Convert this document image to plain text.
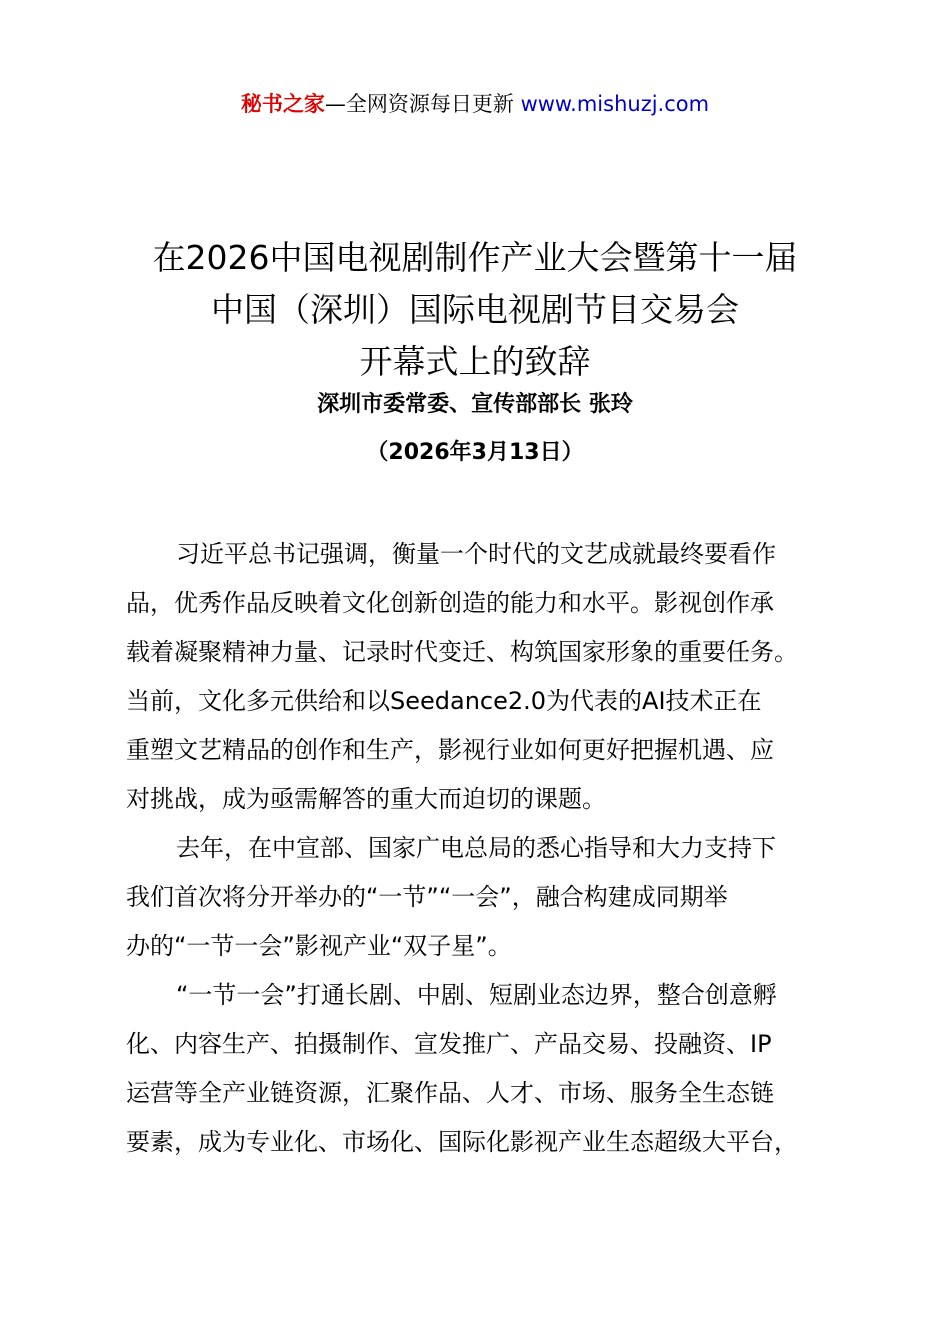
秘书之家—全网资源每日更新 www.mishuzj.com
在2026中国电视剧制作产业大会暨第十一届
中国（深圳）国际电视剧节目交易会
开幕式上的致辞
深圳市委常委、宣传部部长 张玲
（2026年3月13日）
习近平总书记强调，衡量一个时代的文艺成就最终要看作
品，优秀作品反映着文化创新创造的能力和水平。影视创作承
载着凝聚精神力量、记录时代变迁、构筑国家形象的重要任务。
当前，文化多元供给和以Seedance2.0为代表的AI技术正在
重塑文艺精品的创作和生产，影视行业如何更好把握机遇、应
对挑战，成为亟需解答的重大而迫切的课题。
去年，在中宣部、国家广电总局的悉心指导和大力支持下
我们首次将分开举办的“一节”“一会”，融合构建成同期举
办的“一节一会”影视产业“双子星”。
“一节一会”打通长剧、中剧、短剧业态边界，整合创意孵
化、内容生产、拍摄制作、宣发推广、产品交易、投融资、IP
运营等全产业链资源，汇聚作品、人才、市场、服务全生态链
要素，成为专业化、市场化、国际化影视产业生态超级大平台，
